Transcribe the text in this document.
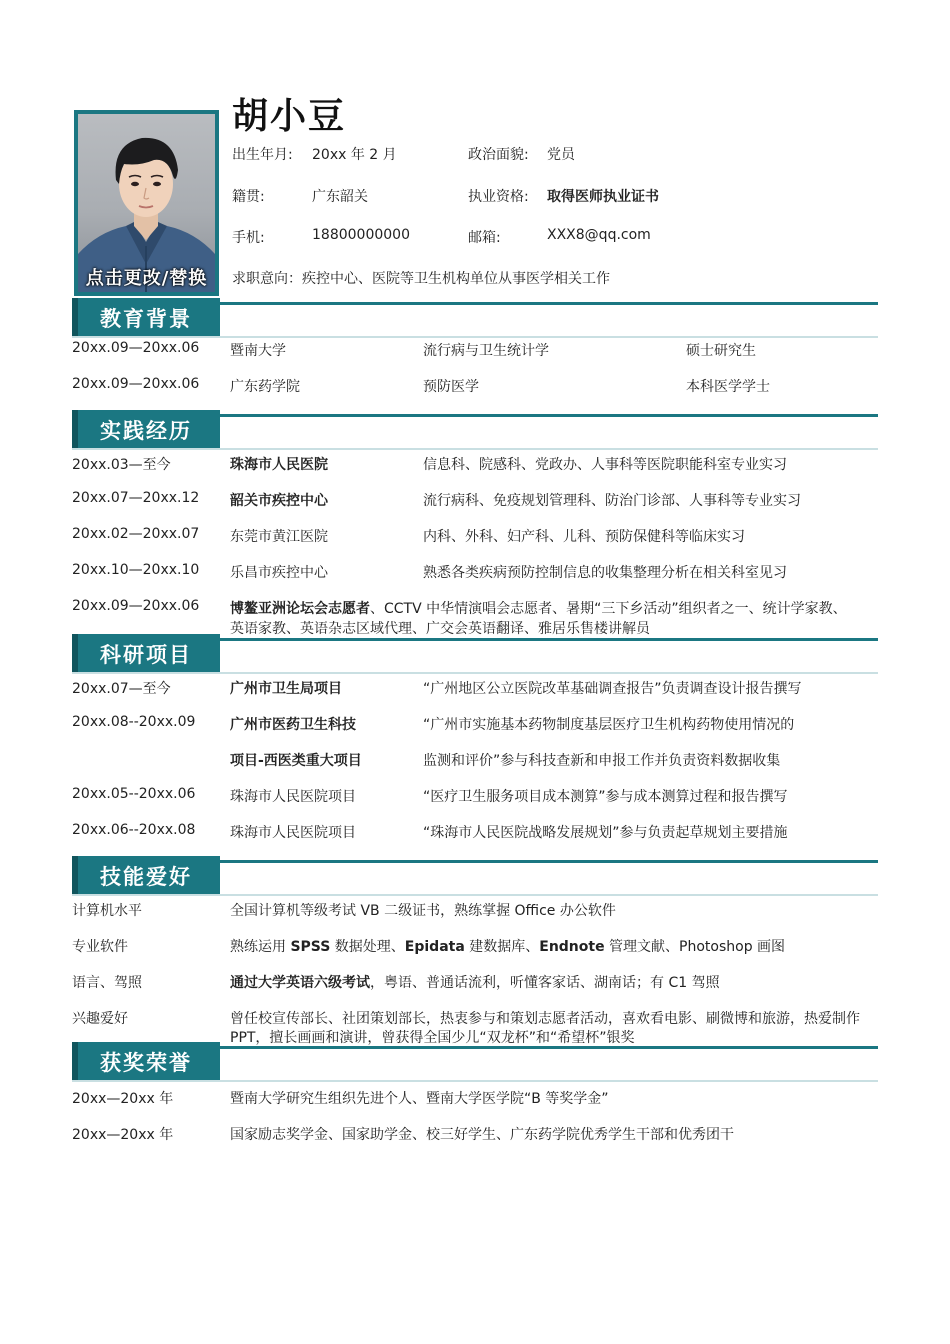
点击更改/替换
胡小豆
出生年月: 20xx 年 2 月	政治面貌: 党员
籍贯:	广东韶关	执业资格: 取得医师执业证书
手机:	18800000000	邮箱:	XXX8@qq.com
求职意向：疾控中心、医院等卫生机构单位从事医学相关工作
教育背景
20xx.09—20xx.06 暨南大学	流行病与卫生统计学	硕士研究生
20xx.09—20xx.06 广东药学院	预防医学	本科医学学士
实践经历
20xx.03—至今	珠海市人民医院	信息科、院感科、党政办、人事科等医院职能科室专业实习
20xx.07—20xx.12 韶关市疾控中心	流行病科、免疫规划管理科、防治门诊部、人事科等专业实习
20xx.02—20xx.07 东莞市黄江医院	内科、外科、妇产科、儿科、预防保健科等临床实习
20xx.10—20xx.10 乐昌市疾控中心	熟悉各类疾病预防控制信息的收集整理分析在相关科室见习
20xx.09—20xx.06 博鳌亚洲论坛会志愿者、CCTV 中华情演唱会志愿者、暑期“三下乡活动”组织者之一、统计学家教、
英语家教、英语杂志区域代理、广交会英语翻译、雅居乐售楼讲解员
科研项目
20xx.07—至今	广州市卫生局项目	“广州地区公立医院改革基础调查报告”负责调查设计报告撰写
20xx.08--20xx.09 广州市医药卫生科技	“广州市实施基本药物制度基层医疗卫生机构药物使用情况的
项目-西医类重大项目	监测和评价”参与科技查新和申报工作并负责资料数据收集
20xx.05--20xx.06 珠海市人民医院项目	“医疗卫生服务项目成本测算”参与成本测算过程和报告撰写
20xx.06--20xx.08 珠海市人民医院项目	“珠海市人民医院战略发展规划”参与负责起草规划主要措施
技能爱好
计算机水平	全国计算机等级考试 VB 二级证书，熟练掌握 Office 办公软件
专业软件	熟练运用 SPSS 数据处理、Epidata 建数据库、Endnote 管理文献、Photoshop 画图
语言、驾照	通过大学英语六级考试，粤语、普通话流利，听懂客家话、湖南话；有 C1 驾照
兴趣爱好	曾任校宣传部长、社团策划部长，热衷参与和策划志愿者活动，喜欢看电影、刷微博和旅游，热爱制作
PPT，擅长画画和演讲，曾获得全国少儿“双龙杯”和“希望杯”银奖
获奖荣誉
20xx—20xx 年	暨南大学研究生组织先进个人、暨南大学医学院“B 等奖学金”
20xx—20xx 年	国家励志奖学金、国家助学金、校三好学生、广东药学院优秀学生干部和优秀团干
